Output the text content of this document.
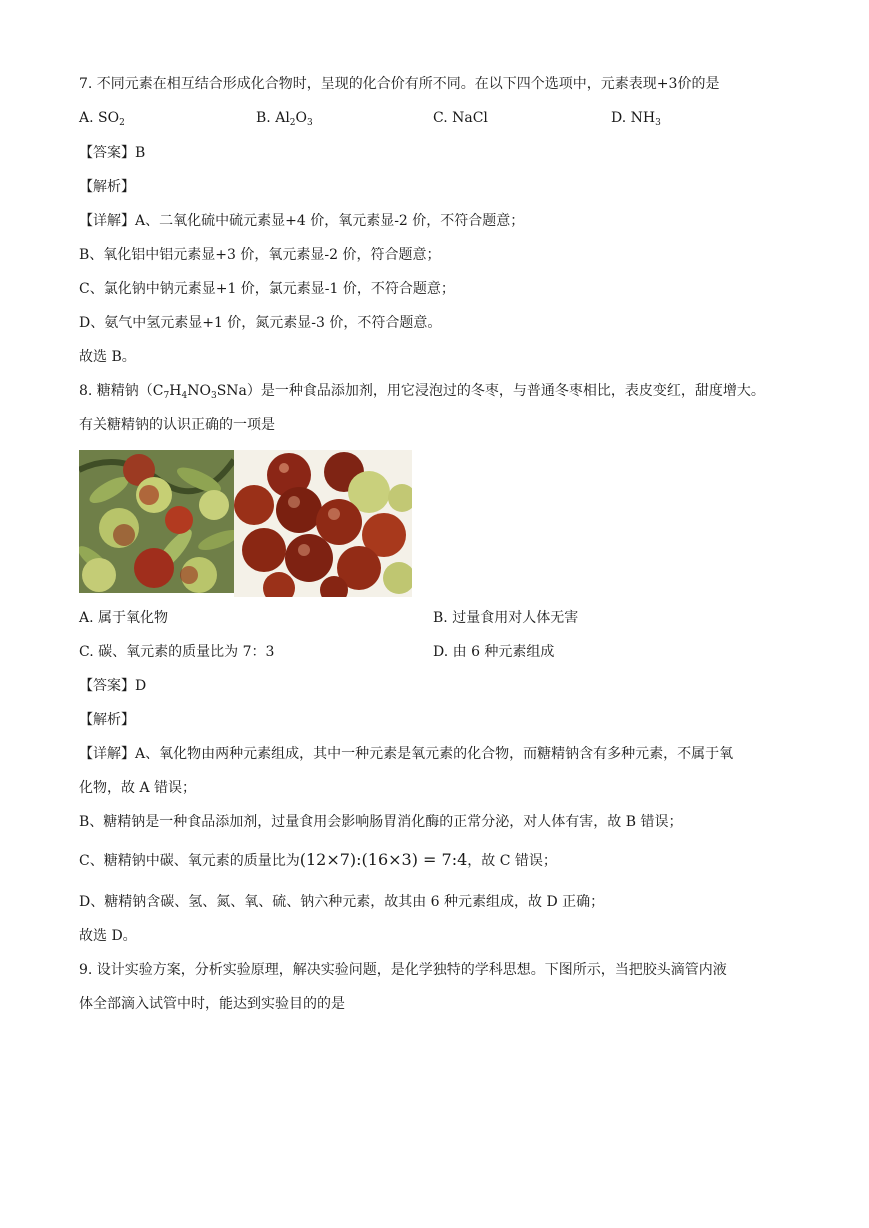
7. 不同元素在相互结合形成化合物时，呈现的化合价有所不同。在以下四个选项中，元素表现+3价的是
A. $SO_2$	B. $Al_2O_3$	C. NaCl	D. $NH_3$
【答案】B
【解析】
【详解】A、二氧化硫中硫元素显+4 价，氧元素显-2 价，不符合题意；
B、氧化铝中铝元素显+3 价，氧元素显-2 价，符合题意；
C、氯化钠中钠元素显+1 价，氯元素显-1 价，不符合题意；
D、氨气中氢元素显+1 价，氮元素显-3 价，不符合题意。
故选 B。
8. 糖精钠$(C_7H_4NO_3SNa)$是一种食品添加剂，用它浸泡过的冬枣，与普通冬枣相比，表皮变红，甜度增大。
有关糖精钠的认识正确的一项是
A. 属于氧化物	B. 过量食用对人体无害
C. 碳、氧元素的质量比为 7：3	D. 由 6 种元素组成
【答案】D
【解析】
【详解】A、氧化物由两种元素组成，其中一种元素是氧元素的化合物，而糖精钠含有多种元素，不属于氧
化物，故 A 错误；
B、糖精钠是一种食品添加剂，过量食用会影响肠胃消化酶的正常分泌，对人体有害，故 B 错误；
C、糖精钠中碳、氧元素的质量比为(12×7):(16×3) = 7:4，故 C 错误；
D、糖精钠含碳、氢、氮、氧、硫、钠六种元素，故其由 6 种元素组成，故 D 正确；
故选 D。
9. 设计实验方案，分析实验原理，解决实验问题，是化学独特的学科思想。下图所示，当把胶头滴管内液
体全部滴入试管中时，能达到实验目的的是
